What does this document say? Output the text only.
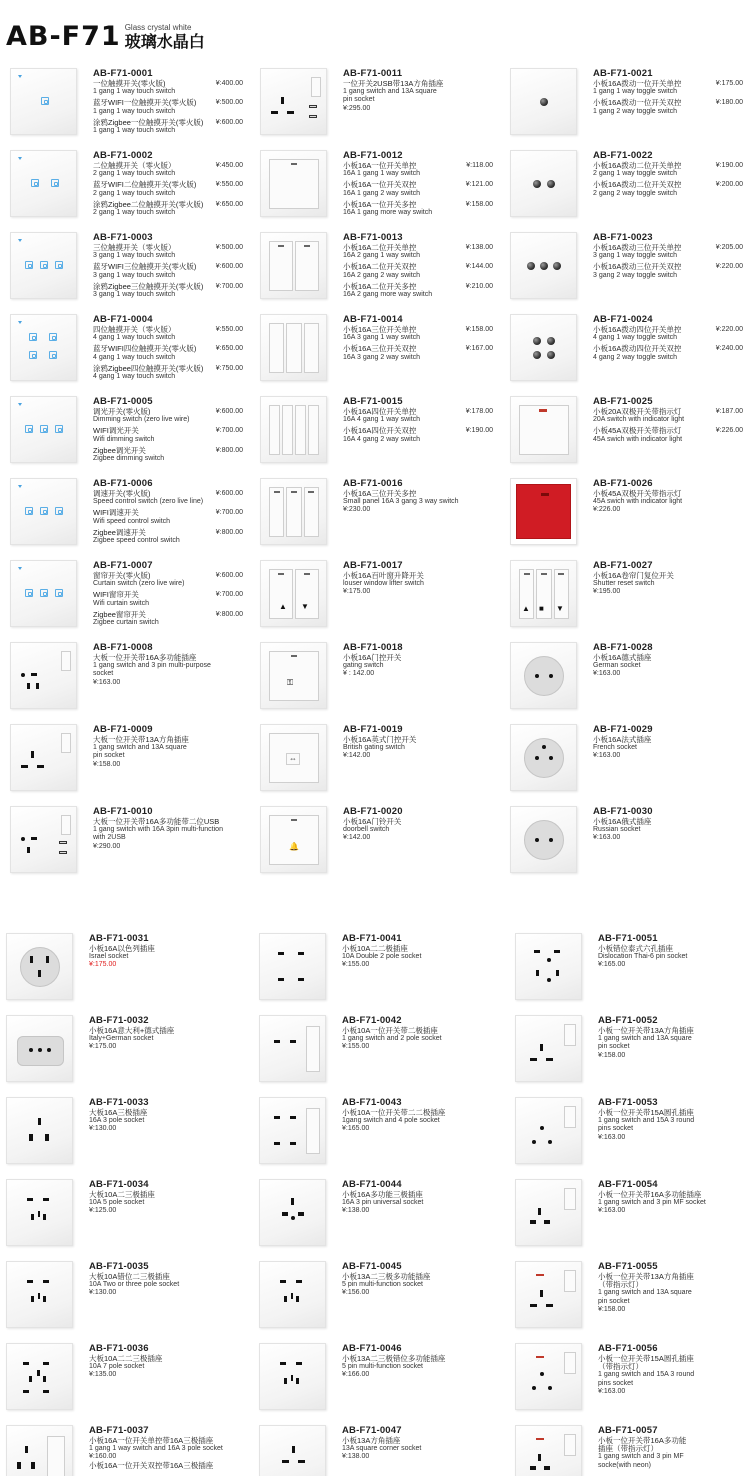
AB-F71 Glass crystal white
玻璃水晶白
AB-F71-0001
一位触摸开关(零火版)	¥:400.00
1 gang 1 way touch switch
蓝牙WIFI一位触摸开关(零火版)	¥:500.00
1 gang 1 way touch switch
涂鸦Zigbee一位触摸开关(零火版)	¥:600.00
1 gang 1 way touch switch
AB-F71-0002
二位触摸开关（零火版）	¥:450.00
2 gang 1 way touch switch
蓝牙WIFI二位触摸开关(零火版)	¥:550.00
2 gang 1 way touch switch
涂鸦Zigbee二位触摸开关(零火版)	¥:650.00
2 gang 1 way touch switch
AB-F71-0003
三位触摸开关（零火版）	¥:500.00
3 gang 1 way touch switch
蓝牙WIFI三位触摸开关(零火版)	¥:600.00
3 gang 1 way touch switch
涂鸦Zigbee三位触摸开关(零火版)	¥:700.00
3 gang 1 way touch switch
AB-F71-0004
四位触摸开关（零火版）	¥:550.00
4 gang 1 way touch switch
蓝牙WIFI四位触摸开关(零火版)	¥:650.00
4 gang 1 way touch switch
涂鸦Zigbee四位触摸开关(零火版)	¥:750.00
4 gang 1 way touch switch
AB-F71-0005
调光开关(零火版)	¥:600.00
Dimming switch (zero live wire)
WIFI调光开关	¥:700.00
Wifi dimming switch
Zigbee调光开关	¥:800.00
Zigbee dimming switch
AB-F71-0006
调速开关(零火版)	¥:600.00
Speed control switch (zero live line)
WIFI调速开关	¥:700.00
Wifi speed control switch
Zigbee调速开关	¥:800.00
Zigbee speed control switch
AB-F71-0007
窗帘开关(零火版)	¥:600.00
Curtain switch (zero live wire)
WIFI窗帘开关	¥:700.00
Wifi curtain switch
Zigbee窗帘开关	¥:800.00
Zigbee curtain switch
AB-F71-0008
大板一位开关带16A多功能插座
1 gang switch and 3 pin multi-purpose
socket
¥:163.00
AB-F71-0009
大板一位开关带13A方角插座
1 gang switch and 13A square
pin socket
¥:158.00
AB-F71-0010
大板一位开关带16A多功能带二位USB
1 gang switch with 16A 3pin multi-function
with 2USB
¥:290.00
AB-F71-0011
一位开关2USB带13A方角插座
1 gang switch and 13A square
pin socket
¥:295.00
AB-F71-0012
小板16A一位开关单控	¥:118.00
16A 1 gang 1 way switch
小板16A一位开关双控	¥:121.00
16A 1 gang 2 way switch
小板16A一位开关多控	¥:158.00
16A 1 gang more way switch
AB-F71-0013
小板16A二位开关单控	¥:138.00
16A 2 gang 1 way switch
小板16A二位开关双控	¥:144.00
16A 2 gang 2 way switch
小板16A二位开关多控	¥:210.00
16A 2 gang more way switch
AB-F71-0014
小板16A三位开关单控	¥:158.00
16A 3 gang 1 way switch
小板16A三位开关双控	¥:167.00
16A 3 gang 2 way switch
AB-F71-0015
小板16A四位开关单控	¥:178.00
16A 4 gang 1 way switch
小板16A四位开关双控	¥:190.00
16A 4 gang 2 way switch
AB-F71-0016
小板16A三位开关多控
Small panel 16A 3 gang 3 way switch
¥:230.00
▲ ▼
AB-F71-0017
小板16A百叶窗升降开关
louser window lifter switch
¥:175.00
⚿
AB-F71-0018
小板16A门控开关
gating switch
¥ : 142.00
⇔
AB-F71-0019
小板16A英式门控开关
British gating switch
¥:142.00
🔔
AB-F71-0020
小板16A门铃开关
doorbell switch
¥:142.00
AB-F71-0021
小板16A拨动一位开关单控	¥:175.00
1 gang 1 way toggle switch
小板16A拨动一位开关双控	¥:180.00
1 gang 2 way toggle switch
AB-F71-0022
小板16A拨动二位开关单控	¥:190.00
2 gang 1 way toggle switch
小板16A拨动二位开关双控	¥:200.00
2 gang 2 way toggle switch
AB-F71-0023
小板16A拨动三位开关单控	¥:205.00
3 gang 1 way toggle switch
小板16A拨动三位开关双控	¥:220.00
3 gang 2 way toggle switch
AB-F71-0024
小板16A拨动四位开关单控	¥:220.00
4 gang 1 way toggle switch
小板16A拨动四位开关双控	¥:240.00
4 gang 2 way toggle switch
AB-F71-0025
小板20A双极开关带指示灯	¥:187.00
20A switch with indicator light
小板45A双极开关带指示灯	¥:226.00
45A swich with indicator light
AB-F71-0026
小板45A双极开关带指示灯
45A swich with indicator light
¥:226.00
▲ ■ ▼
AB-F71-0027
小板16A卷帘门复位开关
Shutter reset switch
¥:195.00
AB-F71-0028
小板16A德式插座
German socket
¥:163.00
AB-F71-0029
小板16A法式插座
French socket
¥:163.00
AB-F71-0030
小板16A俄式插座
Russian socket
¥:163.00
AB-F71-0031
小板16A以色列插座
Israel socket
¥:175.00
AB-F71-0032
小板16A意大利+德式插座
Italy+German socket
¥:175.00
AB-F71-0033
大板16A三极插座
16A 3 pole socket
¥:130.00
AB-F71-0034
大板10A二三极插座
10A 5 pole socket
¥:125.00
AB-F71-0035
大板10A错位二三极插座
10A Two or three pole socket
¥:130.00
AB-F71-0036
大板10A二二三极插座
10A 7 pole socket
¥:135.00
AB-F71-0037
小板16A一位开关单控带16A三极插座
1 gang 1 way switch and 16A 3 pole socket
¥:160.00
小板16A一位开关双控带16A三极插座
AB-F71-0041
小板10A二二极插座
10A Double 2 pole socket
¥:155.00
AB-F71-0042
小板10A一位开关带二极插座
1 gang switch and 2 pole socket
¥:155.00
AB-F71-0043
小板10A一位开关带二二极插座
1gang switch and 4 pole socket
¥:165.00
AB-F71-0044
小板16A多功能三极插座
16A 3 pin universal socket
¥:138.00
AB-F71-0045
小板13A二三极多功能插座
5 pin multi-function socket
¥:156.00
AB-F71-0046
小板13A二三极错位多功能插座
5 pin multi-function socket
¥:166.00
AB-F71-0047
小板13A方角插座
13A square corner socket
¥:138.00
AB-F71-0051
小板错位泰式六孔插座
Dislocation Thai-6 pin socket
¥:165.00
AB-F71-0052
小板一位开关带13A方角插座
1 gang switch and 13A square
pin socket
¥:158.00
AB-F71-0053
小板一位开关带15A圆孔插座
1 gang switch and 15A 3 round
pins socket
¥:163.00
AB-F71-0054
小板一位开关带16A多功能插座
1 gang switch and 3 pin MF socket
¥:163.00
AB-F71-0055
小板一位开关带13A方角插座
（带指示灯）
1 gang switch and 13A square
pin socket
¥:158.00
AB-F71-0056
小板一位开关带15A圆孔插座
（带指示灯）
1 gang switch and 15A 3 round
pins socket
¥:163.00
AB-F71-0057
小板一位开关带16A多功能
插座（带指示灯）
1 gang switch and 3 pin MF
socke(with neon)
